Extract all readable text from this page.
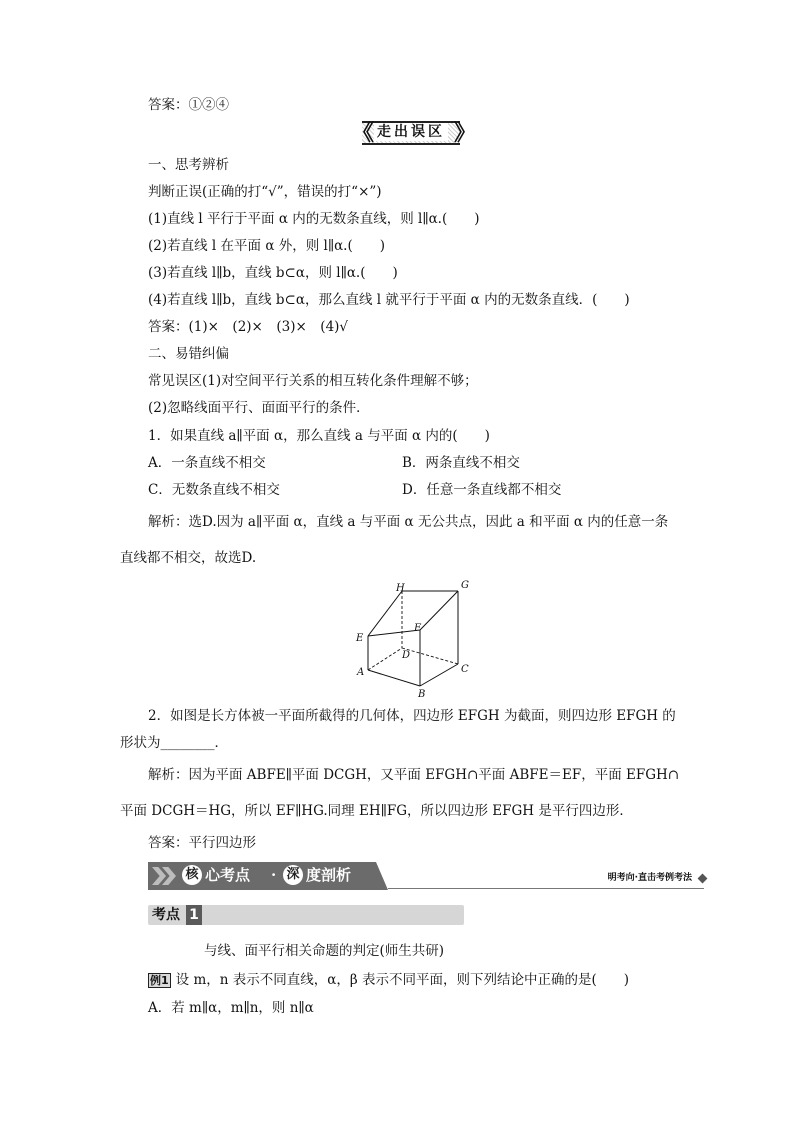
答案：①②④
《 走出误区 》
一、思考辨析
判断正误(正确的打“√”，错误的打“×”)
(1)直线 l 平行于平面 α 内的无数条直线，则 l∥α.(　　)
(2)若直线 l 在平面 α 外，则 l∥α.(　　)
(3)若直线 l∥b，直线 b⊂α，则 l∥α.(　　)
(4)若直线 l∥b，直线 b⊂α，那么直线 l 就平行于平面 α 内的无数条直线．(　　)
答案：(1)×　(2)×　(3)×　(4)√
二、易错纠偏
常见误区(1)对空间平行关系的相互转化条件理解不够；
(2)忽略线面平行、面面平行的条件．
1．如果直线 a∥平面 α，那么直线 a 与平面 α 内的(　　)
A．一条直线不相交	B．两条直线不相交
C．无数条直线不相交	D．任意一条直线都不相交
解析：选D.因为 a∥平面 α，直线 a 与平面 α 无公共点，因此 a 和平面 α 内的任意一条
直线都不相交，故选D.
H	G
E
F
D
A	C
B
2．如图是长方体被一平面所截得的几何体，四边形 EFGH 为截面，则四边形 EFGH 的
形状为________．
解析：因为平面 ABFE∥平面 DCGH，又平面 EFGH∩平面 ABFE＝EF，平面 EFGH∩
平面 DCGH＝HG，所以 EF∥HG.同理 EH∥FG，所以四边形 EFGH 是平行四边形．
答案：平行四边形
核 心考点 · 深 度剖析	明考向·直击考例考法
考点 1
与线、面平行相关命题的判定(师生共研)
例1 设 m，n 表示不同直线，α，β 表示不同平面，则下列结论中正确的是(　　)
A．若 m∥α，m∥n，则 n∥α
